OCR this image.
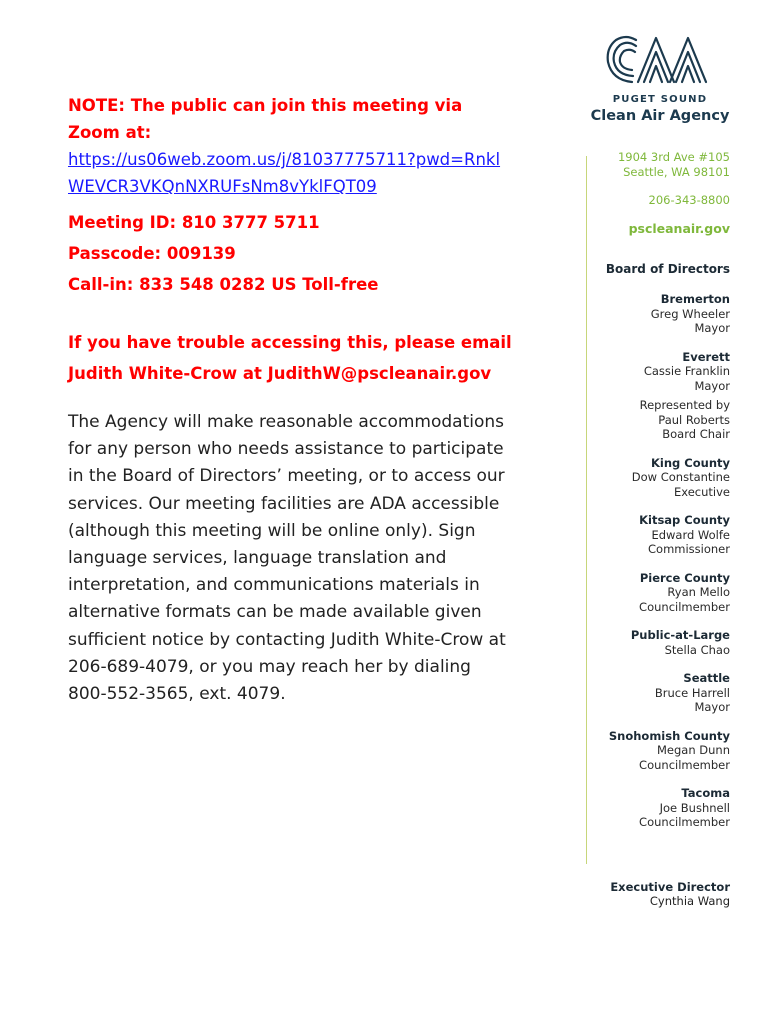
NOTE: The public can join this meeting via Zoom at:
https://us06web.zoom.us/j/81037775711?pwd=RnklWEVCR3VKQnNXRUFsNm8vYklFQT09
Meeting ID: 810 3777 5711
Passcode: 009139
Call-in: 833 548 0282 US Toll-free
If you have trouble accessing this, please email
Judith White-Crow at JudithW@pscleanair.gov
The Agency will make reasonable accommodations for any person who needs assistance to participate in the Board of Directors’ meeting, or to access our services. Our meeting facilities are ADA accessible (although this meeting will be online only). Sign language services, language translation and interpretation, and communications materials in alternative formats can be made available given sufficient notice by contacting Judith White-Crow at 206-689-4079, or you may reach her by dialing 800-552-3565, ext. 4079.
PUGET SOUND
Clean Air Agency
1904 3rd Ave #105
Seattle, WA 98101
206-343-8800
pscleanair.gov
Board of Directors
Bremerton
Greg Wheeler
Mayor
Everett
Cassie Franklin
Mayor
Represented by
Paul Roberts
Board Chair
King County
Dow Constantine
Executive
Kitsap County
Edward Wolfe
Commissioner
Pierce County
Ryan Mello
Councilmember
Public-at-Large
Stella Chao
Seattle
Bruce Harrell
Mayor
Snohomish County
Megan Dunn
Councilmember
Tacoma
Joe Bushnell
Councilmember
Executive Director
Cynthia Wang
